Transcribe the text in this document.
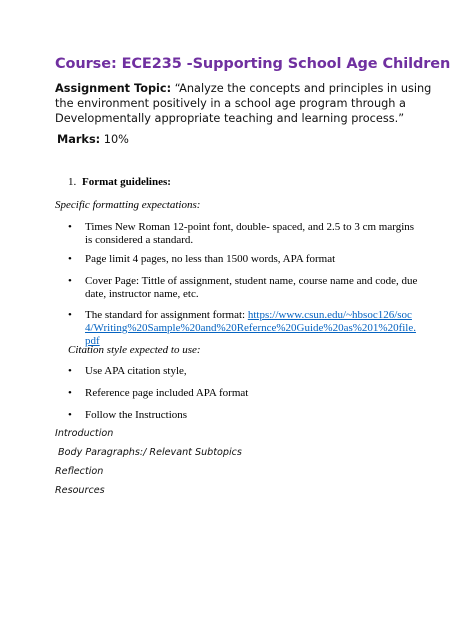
Course: ECE235 -Supporting School Age Children
Assignment Topic: “Analyze the concepts and principles in using the environment positively in a school age program through a Developmentally appropriate teaching and learning process.”
Marks: 10%
1. Format guidelines:
Specific formatting expectations:
• Times New Roman 12-point font, double- spaced, and 2.5 to 3 cm margins is considered a standard.
• Page limit 4 pages, no less than 1500 words, APA format
• Cover Page: Tittle of assignment, student name, course name and code, due date, instructor name, etc.
• The standard for assignment format: https://www.csun.edu/~hbsoc126/soc4/Writing%20Sample%20and%20Refernce%20Guide%20as%201%20file.pdf
Citation style expected to use:
• Use APA citation style,
• Reference page included APA format
• Follow the Instructions
Introduction
Body Paragraphs:/ Relevant Subtopics
Reflection
Resources
